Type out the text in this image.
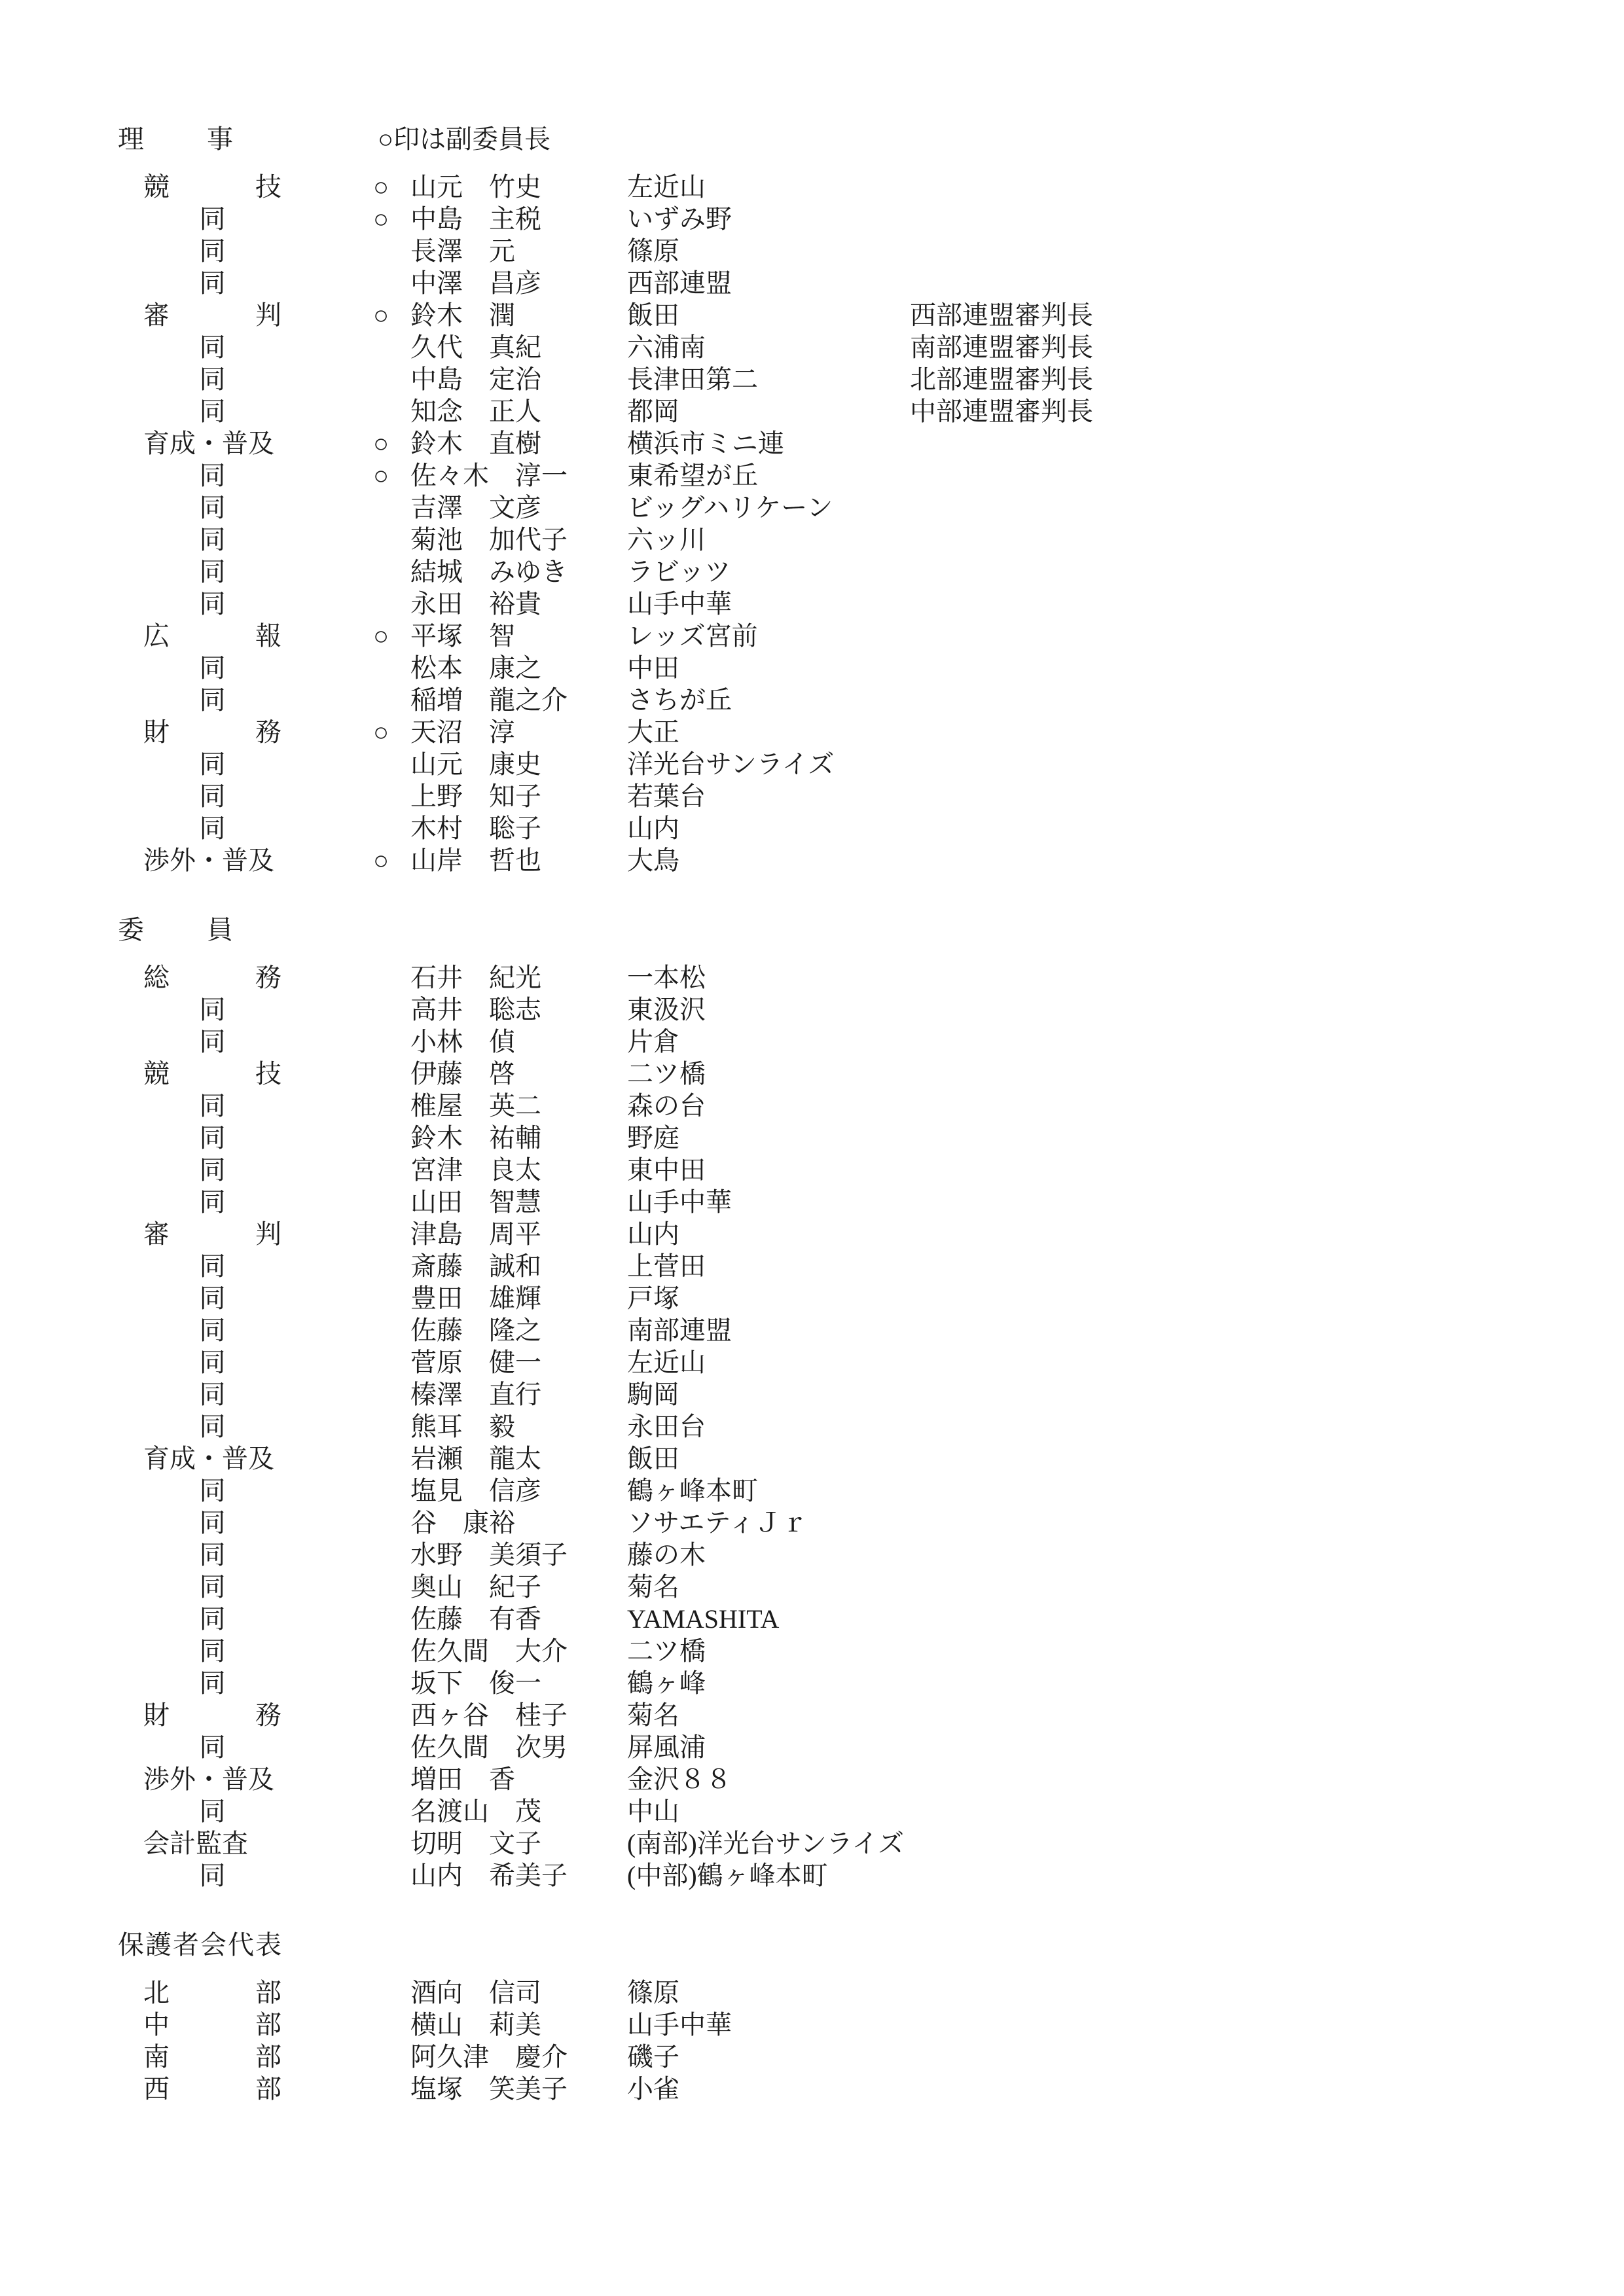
理 事	○印は副委員長
競	技	○ 山元　竹史	左近山
同	○ 中島　主税	いずみ野
同	長澤　元	篠原
同	中澤　昌彦	西部連盟
審	判	○ 鈴木　潤	飯田	西部連盟審判長
同	久代　真紀	六浦南	南部連盟審判長
同	中島　定治	長津田第二	北部連盟審判長
同	知念　正人	都岡	中部連盟審判長
育成・普及	○ 鈴木　直樹	横浜市ミニ連
同	○ 佐々木　淳一 東希望が丘
同	吉澤　文彦	ビッグハリケーン
同	菊池　加代子 六ッ川
同	結城　みゆき ラビッツ
同	永田　裕貴	山手中華
広	報	○ 平塚　智	レッズ宮前
同	松本　康之	中田
同	稲増　龍之介 さちが丘
財	務	○ 天沼　淳	大正
同	山元　康史	洋光台サンライズ
同	上野　知子	若葉台
同	木村　聡子	山内
渉外・普及	○ 山岸　哲也	大鳥
委 員
総	務	石井　紀光	一本松
同	高井　聡志	東汲沢
同	小林　偵	片倉
競	技	伊藤　啓	二ツ橋
同	椎屋　英二	森の台
同	鈴木　祐輔	野庭
同	宮津　良太	東中田
同	山田　智慧	山手中華
審	判	津島　周平	山内
同	斎藤　誠和	上菅田
同	豊田　雄輝	戸塚
同	佐藤　隆之	南部連盟
同	菅原　健一	左近山
同	榛澤　直行	駒岡
同	熊耳　毅	永田台
育成・普及	岩瀬　龍太	飯田
同	塩見　信彦	鶴ヶ峰本町
同	谷　康裕	ソサエティＪｒ
同	水野　美須子 藤の木
同	奥山　紀子	菊名
同	佐藤　有香	YAMASHITA
同	佐久間　大介 二ツ橋
同	坂下　俊一	鶴ヶ峰
財	務	西ヶ谷　桂子 菊名
同	佐久間　次男 屏風浦
渉外・普及	増田　香	金沢８８
同	名渡山　茂	中山
会計監査	切明　文子	(南部)洋光台サンライズ
同	山内　希美子 (中部)鶴ヶ峰本町
保護者会代表
北	部	酒向　信司	篠原
中	部	横山　莉美	山手中華
南	部	阿久津　慶介 磯子
西	部	塩塚　笑美子 小雀
